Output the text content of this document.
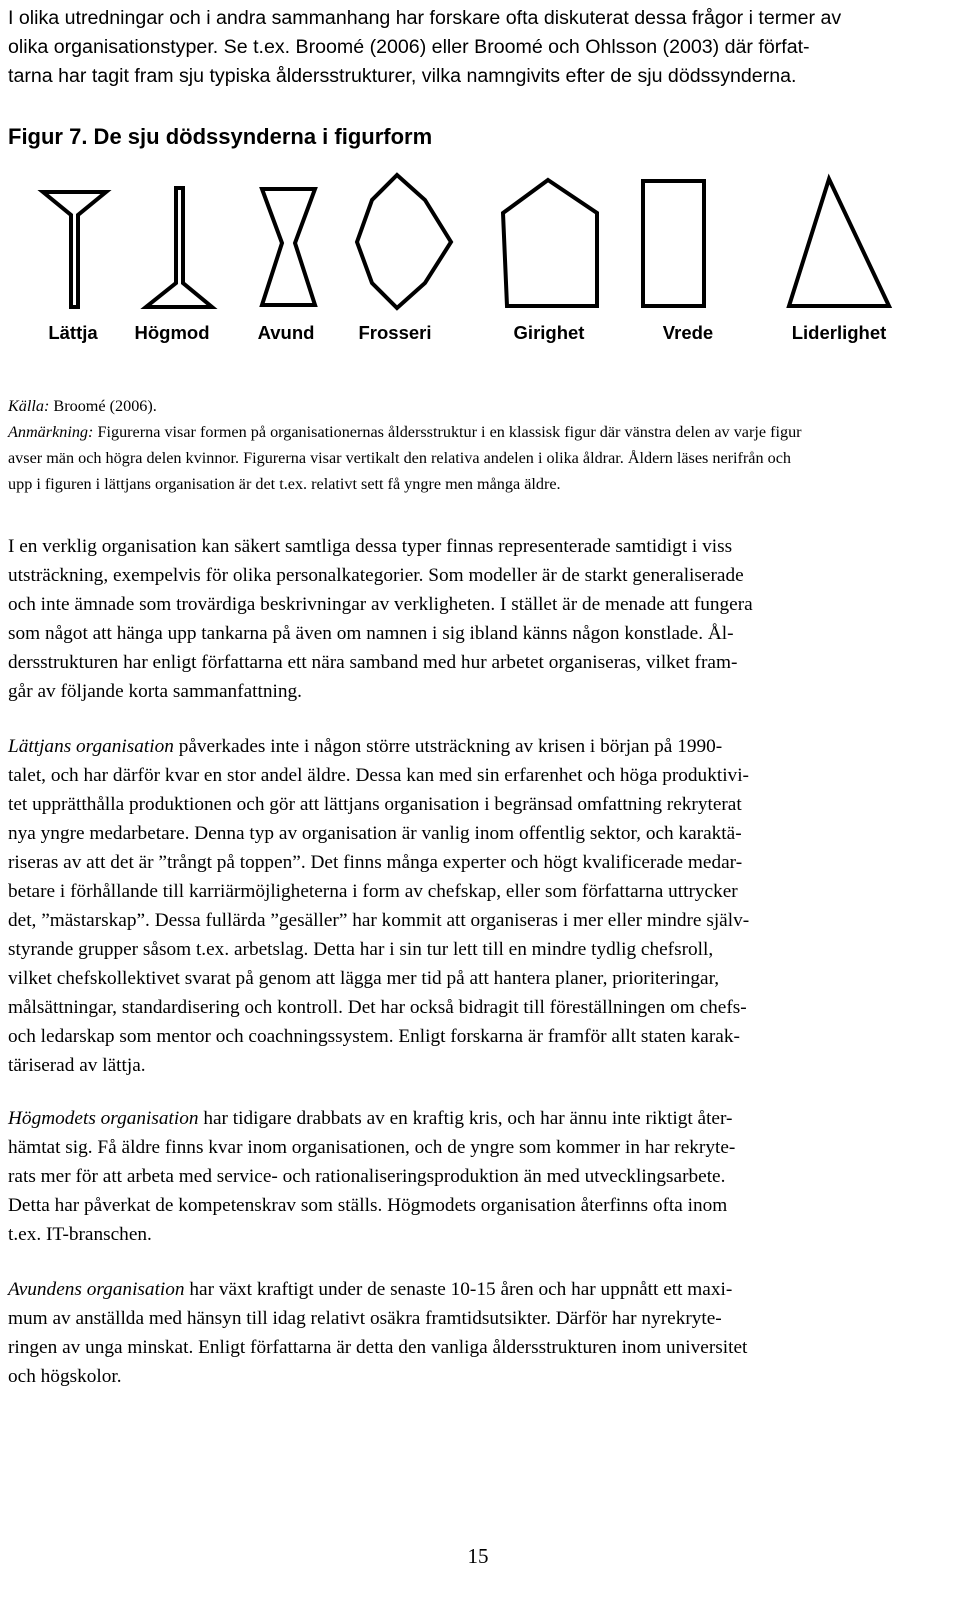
I olika utredningar och i andra sammanhang har forskare ofta diskuterat dessa frågor i termer av
olika organisationstyper. Se t.ex. Broomé (2006) eller Broomé och Ohlsson (2003) där förfat-
tarna har tagit fram sju typiska åldersstrukturer, vilka namngivits efter de sju dödssynderna.
Figur 7. De sju dödssynderna i figurform
Lättja Högmod	Avund Frosseri	Girighet	Vrede	Liderlighet
Källa: Broomé (2006).
Anmärkning: Figurerna visar formen på organisationernas åldersstruktur i en klassisk figur där vänstra delen av varje figur
avser män och högra delen kvinnor. Figurerna visar vertikalt den relativa andelen i olika åldrar. Åldern läses nerifrån och
upp i figuren i lättjans organisation är det t.ex. relativt sett få yngre men många äldre.
I en verklig organisation kan säkert samtliga dessa typer finnas representerade samtidigt i viss
utsträckning, exempelvis för olika personalkategorier. Som modeller är de starkt generaliserade
och inte ämnade som trovärdiga beskrivningar av verkligheten. I stället är de menade att fungera
som något att hänga upp tankarna på även om namnen i sig ibland känns någon konstlade. Ål-
dersstrukturen har enligt författarna ett nära samband med hur arbetet organiseras, vilket fram-
går av följande korta sammanfattning.
Lättjans organisation påverkades inte i någon större utsträckning av krisen i början på 1990-
talet, och har därför kvar en stor andel äldre. Dessa kan med sin erfarenhet och höga produktivi-
tet upprätthålla produktionen och gör att lättjans organisation i begränsad omfattning rekryterat
nya yngre medarbetare. Denna typ av organisation är vanlig inom offentlig sektor, och karaktä-
riseras av att det är ”trångt på toppen”. Det finns många experter och högt kvalificerade medar-
betare i förhållande till karriärmöjligheterna i form av chefskap, eller som författarna uttrycker
det, ”mästarskap”. Dessa fullärda ”gesäller” har kommit att organiseras i mer eller mindre själv-
styrande grupper såsom t.ex. arbetslag. Detta har i sin tur lett till en mindre tydlig chefsroll,
vilket chefskollektivet svarat på genom att lägga mer tid på att hantera planer, prioriteringar,
målsättningar, standardisering och kontroll. Det har också bidragit till föreställningen om chefs-
och ledarskap som mentor och coachningssystem. Enligt forskarna är framför allt staten karak-
täriserad av lättja.
Högmodets organisation har tidigare drabbats av en kraftig kris, och har ännu inte riktigt åter-
hämtat sig. Få äldre finns kvar inom organisationen, och de yngre som kommer in har rekryte-
rats mer för att arbeta med service- och rationaliseringsproduktion än med utvecklingsarbete.
Detta har påverkat de kompetenskrav som ställs. Högmodets organisation återfinns ofta inom
t.ex. IT-branschen.
Avundens organisation har växt kraftigt under de senaste 10-15 åren och har uppnått ett maxi-
mum av anställda med hänsyn till idag relativt osäkra framtidsutsikter. Därför har nyrekryte-
ringen av unga minskat. Enligt författarna är detta den vanliga åldersstrukturen inom universitet
och högskolor.
15
